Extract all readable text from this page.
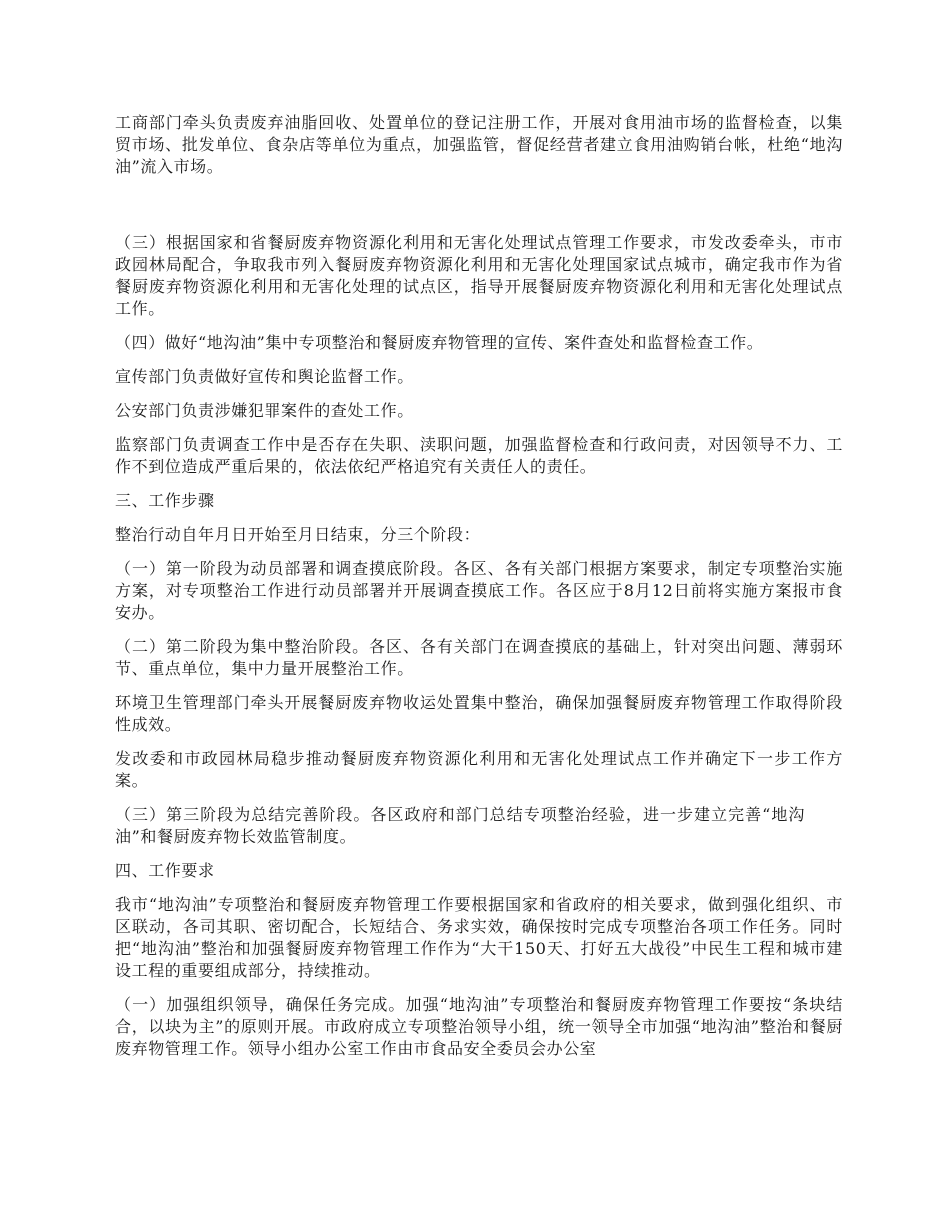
工商部门牵头负责废弃油脂回收、处置单位的登记注册工作，开展对食用油市场的监督检查，以集贸市场、批发单位、食杂店等单位为重点，加强监管，督促经营者建立食用油购销台帐，杜绝“地沟油”流入市场。

（三）根据国家和省餐厨废弃物资源化利用和无害化处理试点管理工作要求，市发改委牵头，市市政园林局配合，争取我市列入餐厨废弃物资源化利用和无害化处理国家试点城市，确定我市作为省餐厨废弃物资源化利用和无害化处理的试点区，指导开展餐厨废弃物资源化利用和无害化处理试点工作。

（四）做好“地沟油”集中专项整治和餐厨废弃物管理的宣传、案件查处和监督检查工作。

宣传部门负责做好宣传和舆论监督工作。

公安部门负责涉嫌犯罪案件的查处工作。

监察部门负责调查工作中是否存在失职、渎职问题，加强监督检查和行政问责，对因领导不力、工作不到位造成严重后果的，依法依纪严格追究有关责任人的责任。

三、工作步骤

整治行动自年月日开始至月日结束，分三个阶段：

（一）第一阶段为动员部署和调查摸底阶段。各区、各有关部门根据方案要求，制定专项整治实施方案，对专项整治工作进行动员部署并开展调查摸底工作。各区应于8月12日前将实施方案报市食安办。

（二）第二阶段为集中整治阶段。各区、各有关部门在调查摸底的基础上，针对突出问题、薄弱环节、重点单位，集中力量开展整治工作。

环境卫生管理部门牵头开展餐厨废弃物收运处置集中整治，确保加强餐厨废弃物管理工作取得阶段性成效。

发改委和市政园林局稳步推动餐厨废弃物资源化利用和无害化处理试点工作并确定下一步工作方案。

（三）第三阶段为总结完善阶段。各区政府和部门总结专项整治经验，进一步建立完善“地沟油”和餐厨废弃物长效监管制度。

四、工作要求

我市“地沟油”专项整治和餐厨废弃物管理工作要根据国家和省政府的相关要求，做到强化组织、市区联动，各司其职、密切配合，长短结合、务求实效，确保按时完成专项整治各项工作任务。同时把“地沟油”整治和加强餐厨废弃物管理工作作为“大干150天、打好五大战役”中民生工程和城市建设工程的重要组成部分，持续推动。

（一）加强组织领导，确保任务完成。加强“地沟油”专项整治和餐厨废弃物管理工作要按“条块结合，以块为主”的原则开展。市政府成立专项整治领导小组，统一领导全市加强“地沟油”整治和餐厨废弃物管理工作。领导小组办公室工作由市食品安全委员会办公室
